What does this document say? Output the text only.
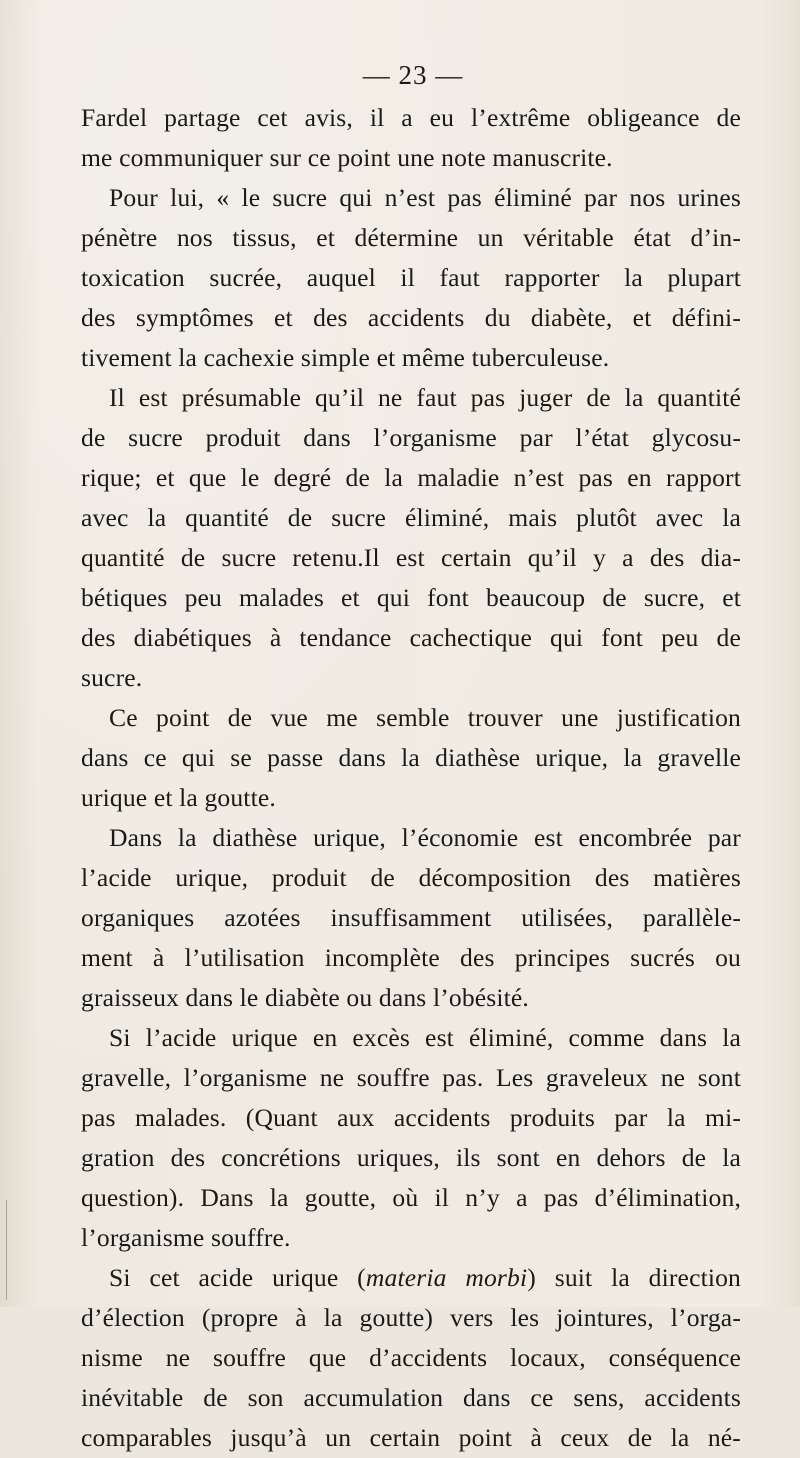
— 23 —
Fardel partage cet avis, il a eu l’extrême obligeance de
me communiquer sur ce point une note manuscrite.
Pour lui, « le sucre qui n’est pas éliminé par nos urines
pénètre nos tissus, et détermine un véritable état d’in-
toxication sucrée, auquel il faut rapporter la plupart
des symptômes et des accidents du diabète, et défini-
tivement la cachexie simple et même tuberculeuse.
Il est présumable qu’il ne faut pas juger de la quantité
de sucre produit dans l’organisme par l’état glycosu-
rique; et que le degré de la maladie n’est pas en rapport
avec la quantité de sucre éliminé, mais plutôt avec la
quantité de sucre retenu.Il est certain qu’il y a des dia-
bétiques peu malades et qui font beaucoup de sucre, et
des diabétiques à tendance cachectique qui font peu de
sucre.
Ce point de vue me semble trouver une justification
dans ce qui se passe dans la diathèse urique, la gravelle
urique et la goutte.
Dans la diathèse urique, l’économie est encombrée par
l’acide urique, produit de décomposition des matières
organiques azotées insuffisamment utilisées, parallèle-
ment à l’utilisation incomplète des principes sucrés ou
graisseux dans le diabète ou dans l’obésité.
Si l’acide urique en excès est éliminé, comme dans la
gravelle, l’organisme ne souffre pas. Les graveleux ne sont
pas malades. (Quant aux accidents produits par la mi-
gration des concrétions uriques, ils sont en dehors de la
question). Dans la goutte, où il n’y a pas d’élimination,
l’organisme souffre.
Si cet acide urique (materia morbi) suit la direction
d’élection (propre à la goutte) vers les jointures, l’orga-
nisme ne souffre que d’accidents locaux, conséquence
inévitable de son accumulation dans ce sens, accidents
comparables jusqu’à un certain point à ceux de la né-
